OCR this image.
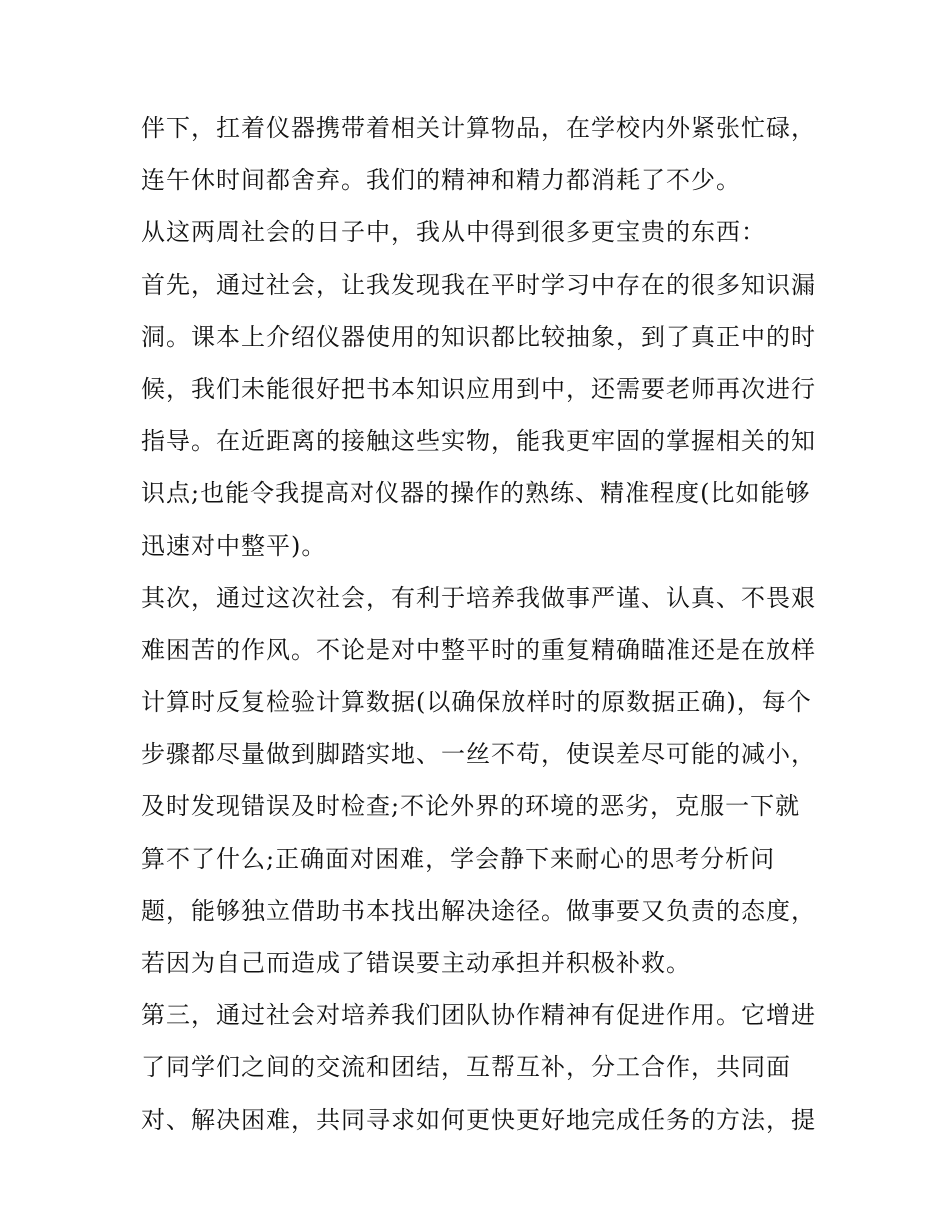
伴下，扛着仪器携带着相关计算物品，在学校内外紧张忙碌，
连午休时间都舍弃。我们的精神和精力都消耗了不少。
从这两周社会的日子中，我从中得到很多更宝贵的东西：
首先，通过社会，让我发现我在平时学习中存在的很多知识漏
洞。课本上介绍仪器使用的知识都比较抽象，到了真正中的时
候，我们未能很好把书本知识应用到中，还需要老师再次进行
指导。在近距离的接触这些实物，能我更牢固的掌握相关的知
识点;也能令我提高对仪器的操作的熟练、精准程度(比如能够
迅速对中整平)。
其次，通过这次社会，有利于培养我做事严谨、认真、不畏艰
难困苦的作风。不论是对中整平时的重复精确瞄准还是在放样
计算时反复检验计算数据(以确保放样时的原数据正确)，每个
步骤都尽量做到脚踏实地、一丝不苟，使误差尽可能的减小，
及时发现错误及时检查;不论外界的环境的恶劣，克服一下就
算不了什么;正确面对困难，学会静下来耐心的思考分析问
题，能够独立借助书本找出解决途径。做事要又负责的态度，
若因为自己而造成了错误要主动承担并积极补救。
第三，通过社会对培养我们团队协作精神有促进作用。它增进
了同学们之间的交流和团结，互帮互补，分工合作，共同面
对、解决困难，共同寻求如何更快更好地完成任务的方法，提
